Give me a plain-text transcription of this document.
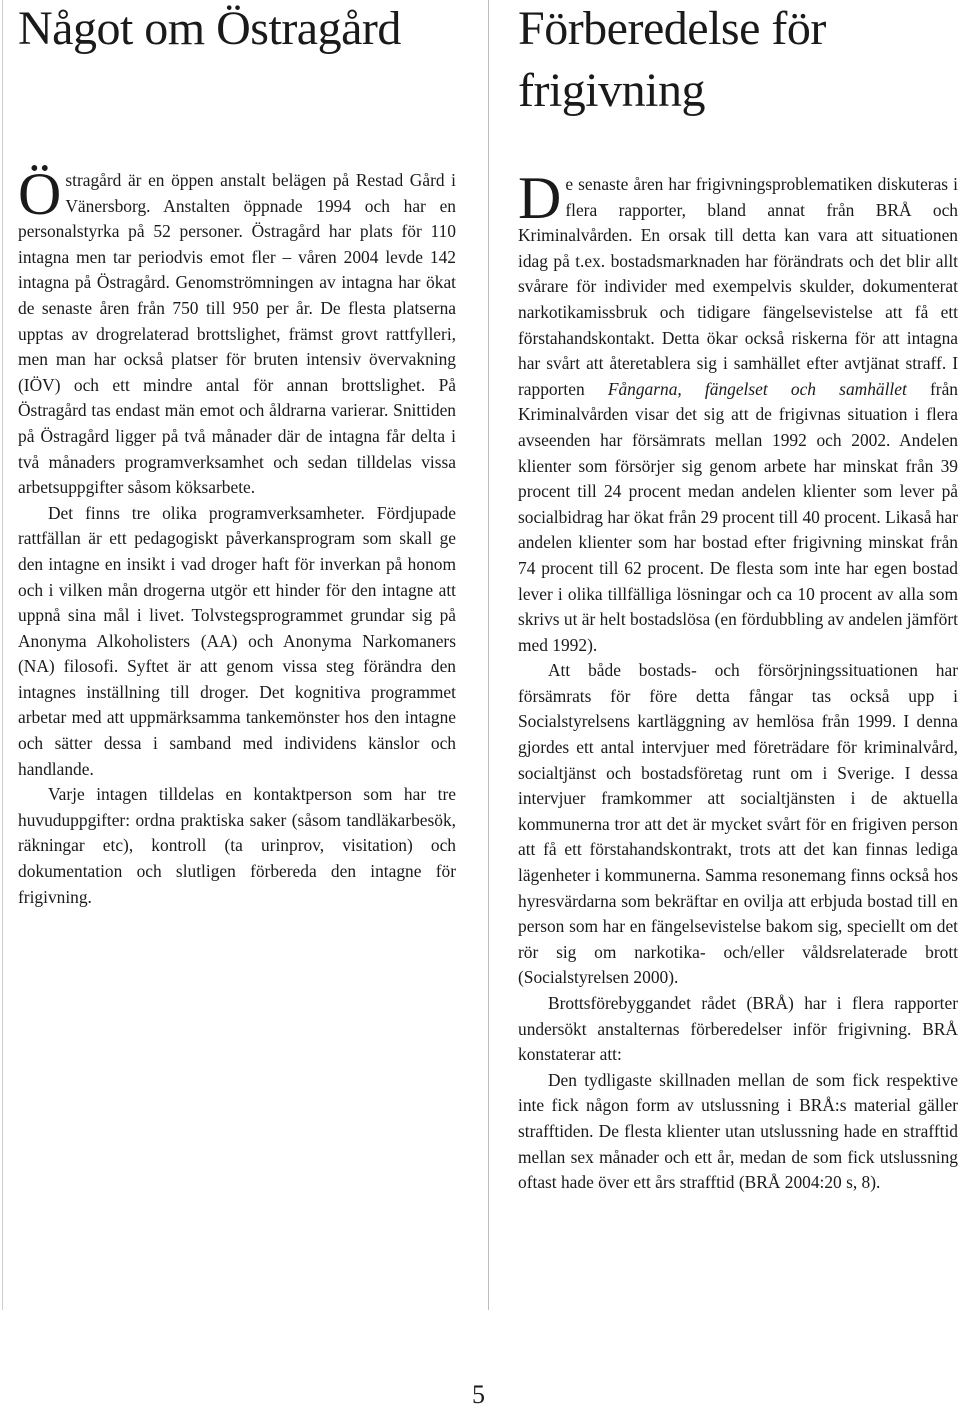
Något om Östragård

Östragård är en öppen anstalt belägen på Restad Gård i Vänersborg. Anstalten öppnade 1994 och har en personalstyrka på 52 personer. Östragård har plats för 110 intagna men tar periodvis emot fler – våren 2004 levde 142 intagna på Östragård. Genomströmningen av intagna har ökat de senaste åren från 750 till 950 per år. De flesta platserna upptas av drogrelaterad brottslighet, främst grovt rattfylleri, men man har också platser för bruten intensiv övervakning (IÖV) och ett mindre antal för annan brottslighet. På Östragård tas endast män emot och åldrarna varierar. Snittiden på Östragård ligger på två månader där de intagna får delta i två månaders programverksamhet och sedan tilldelas vissa arbetsuppgifter såsom köksarbete.

Det finns tre olika programverksamheter. Fördjupade rattfällan är ett pedagogiskt påverkansprogram som skall ge den intagne en insikt i vad droger haft för inverkan på honom och i vilken mån drogerna utgör ett hinder för den intagne att uppnå sina mål i livet. Tolvstegsprogrammet grundar sig på Anonyma Alkoholisters (AA) och Anonyma Narkomaners (NA) filosofi. Syftet är att genom vissa steg förändra den intagnes inställning till droger. Det kognitiva programmet arbetar med att uppmärksamma tankemönster hos den intagne och sätter dessa i samband med individens känslor och handlande.

Varje intagen tilldelas en kontaktperson som har tre huvuduppgifter: ordna praktiska saker (såsom tandläkarbesök, räkningar etc), kontroll (ta urinprov, visitation) och dokumentation och slutligen förbereda den intagne för frigivning.

Förberedelse för frigivning

De senaste åren har frigivningsproblematiken diskuteras i flera rapporter, bland annat från BRÅ och Kriminalvården. En orsak till detta kan vara att situationen idag på t.ex. bostadsmarknaden har förändrats och det blir allt svårare för individer med exempelvis skulder, dokumenterat narkotikamissbruk och tidigare fängelsevistelse att få ett förstahandskontakt. Detta ökar också riskerna för att intagna har svårt att återetablera sig i samhället efter avtjänat straff. I rapporten Fångarna, fängelset och samhället från Kriminalvården visar det sig att de frigivnas situation i flera avseenden har försämrats mellan 1992 och 2002. Andelen klienter som försörjer sig genom arbete har minskat från 39 procent till 24 procent medan andelen klienter som lever på socialbidrag har ökat från 29 procent till 40 procent. Likaså har andelen klienter som har bostad efter frigivning minskat från 74 procent till 62 procent. De flesta som inte har egen bostad lever i olika tillfälliga lösningar och ca 10 procent av alla som skrivs ut är helt bostadslösa (en fördubbling av andelen jämfört med 1992).

Att både bostads- och försörjningssituationen har försämrats för före detta fångar tas också upp i Socialstyrelsens kartläggning av hemlösa från 1999. I denna gjordes ett antal intervjuer med företrädare för kriminalvård, socialtjänst och bostadsföretag runt om i Sverige. I dessa intervjuer framkommer att socialtjänsten i de aktuella kommunerna tror att det är mycket svårt för en frigiven person att få ett förstahandskontrakt, trots att det kan finnas lediga lägenheter i kommunerna. Samma resonemang finns också hos hyresvärdarna som bekräftar en ovilja att erbjuda bostad till en person som har en fängelsevistelse bakom sig, speciellt om det rör sig om narkotika- och/eller våldsrelaterade brott (Socialstyrelsen 2000).

Brottsförebyggandet rådet (BRÅ) har i flera rapporter undersökt anstalternas förberedelser inför frigivning. BRÅ konstaterar att:

Den tydligaste skillnaden mellan de som fick respektive inte fick någon form av utslussning i BRÅ:s material gäller strafftiden. De flesta klienter utan utslussning hade en strafftid mellan sex månader och ett år, medan de som fick utslussning oftast hade över ett års strafftid (BRÅ 2004:20 s, 8).

5
